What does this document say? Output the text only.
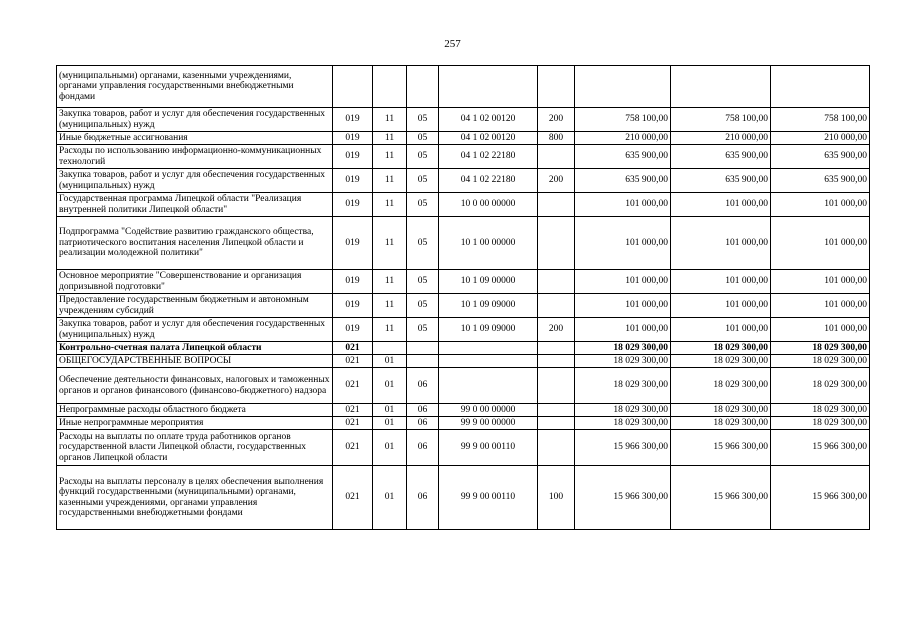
257
(муниципальными) органами, казенными учреждениями, органами управления государственными внебюджетными фондами								
Закупка товаров, работ и услуг для обеспечения государственных (муниципальных) нужд	019	11	05	04 1 02 00120	200	758 100,00	758 100,00	758 100,00
Иные бюджетные ассигнования	019	11	05	04 1 02 00120	800	210 000,00	210 000,00	210 000,00
Расходы по использованию информационно-коммуникационных технологий	019	11	05	04 1 02 22180		635 900,00	635 900,00	635 900,00
Закупка товаров, работ и услуг для обеспечения государственных (муниципальных) нужд	019	11	05	04 1 02 22180	200	635 900,00	635 900,00	635 900,00
Государственная программа Липецкой области "Реализация внутренней политики Липецкой области"	019	11	05	10 0 00 00000		101 000,00	101 000,00	101 000,00
Подпрограмма "Содействие развитию гражданского общества, патриотического воспитания населения Липецкой области и реализации молодежной политики"	019	11	05	10 1 00 00000		101 000,00	101 000,00	101 000,00
Основное мероприятие "Совершенствование и организация допризывной подготовки"	019	11	05	10 1 09 00000		101 000,00	101 000,00	101 000,00
Предоставление государственным бюджетным и автономным учреждениям субсидий	019	11	05	10 1 09 09000		101 000,00	101 000,00	101 000,00
Закупка товаров, работ и услуг для обеспечения государственных (муниципальных) нужд	019	11	05	10 1 09 09000	200	101 000,00	101 000,00	101 000,00
Контрольно-счетная палата Липецкой области	021					18 029 300,00	18 029 300,00	18 029 300,00
ОБЩЕГОСУДАРСТВЕННЫЕ ВОПРОСЫ	021	01				18 029 300,00	18 029 300,00	18 029 300,00
Обеспечение деятельности финансовых, налоговых и таможенных органов и органов финансового (финансово-бюджетного) надзора	021	01	06			18 029 300,00	18 029 300,00	18 029 300,00
Непрограммные расходы областного бюджета	021	01	06	99 0 00 00000		18 029 300,00	18 029 300,00	18 029 300,00
Иные непрограммные мероприятия	021	01	06	99 9 00 00000		18 029 300,00	18 029 300,00	18 029 300,00
Расходы на выплаты по оплате труда работников органов государственной власти Липецкой области, государственных органов Липецкой области	021	01	06	99 9 00 00110		15 966 300,00	15 966 300,00	15 966 300,00
Расходы на выплаты персоналу в целях обеспечения выполнения функций государственными (муниципальными) органами, казенными учреждениями, органами управления государственными внебюджетными фондами	021	01	06	99 9 00 00110	100	15 966 300,00	15 966 300,00	15 966 300,00
